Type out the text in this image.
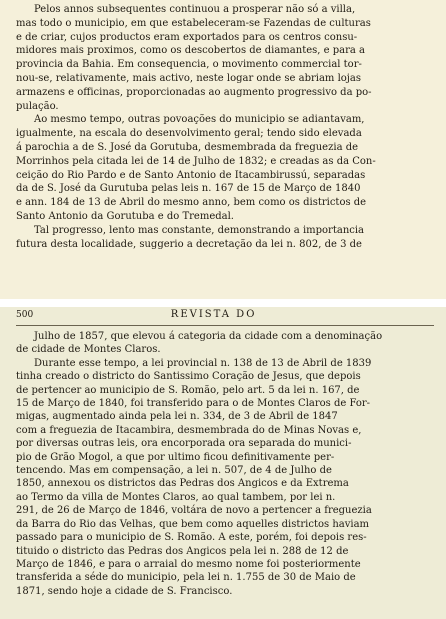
Pelos annos subsequentes continuou a prosperar não só a villa,
mas todo o municipio, em que estabeleceram-se Fazendas de culturas
e de criar, cujos productos eram exportados para os centros consu-
midores mais proximos, como os descobertos de diamantes, e para a
provincia da Bahia. Em consequencia, o movimento commercial tor-
nou-se, relativamente, mais activo, neste logar onde se abriam lojas
armazens e officinas, proporcionadas ao augmento progressivo da po-
pulação.

Ao mesmo tempo, outras povoações do municipio se adiantavam,
igualmente, na escala do desenvolvimento geral; tendo sido elevada
á parochia a de S. José da Gorutuba, desmembrada da freguezia de
Morrinhos pela citada lei de 14 de Julho de 1832; e creadas as da Con-
ceição do Rio Pardo e de Santo Antonio de Itacambirussú, separadas
da de S. José da Gurutuba pelas leis n. 167 de 15 de Março de 1840
e ann. 184 de 13 de Abril do mesmo anno, bem como os districtos de
Santo Antonio da Gorutuba e do Tremedal.

Tal progresso, lento mas constante, demonstrando a importancia
futura desta localidade, suggerio a decretação da lei n. 802, de 3 de

500	REVISTA DO

Julho de 1857, que elevou á categoria da cidade com a denominação
de cidade de Montes Claros.

Durante esse tempo, a lei provincial n. 138 de 13 de Abril de 1839
tinha creado o districto do Santissimo Coração de Jesus, que depois
de pertencer ao municipio de S. Romão, pelo art. 5 da lei n. 167, de
15 de Março de 1840, foi transferido para o de Montes Claros de For-
migas, augmentado ainda pela lei n. 334, de 3 de Abril de 1847
com a freguezia de Itacambira, desmembrada do de Minas Novas e,
por diversas outras leis, ora encorporada ora separada do munici-
pio de Grão Mogol, a que por ultimo ficou definitivamente per-
tencendo. Mas em compensação, a lei n. 507, de 4 de Julho de
1850, annexou os districtos das Pedras dos Angicos e da Extrema
ao Termo da villa de Montes Claros, ao qual tambem, por lei n.
291, de 26 de Março de 1846, voltára de novo a pertencer a freguezia
da Barra do Rio das Velhas, que bem como aquelles districtos haviam
passado para o municipio de S. Romão. A este, porém, foi depois res-
tituido o districto das Pedras dos Angicos pela lei n. 288 de 12 de
Março de 1846, e para o arraial do mesmo nome foi posteriormente
transferida a séde do municipio, pela lei n. 1.755 de 30 de Maio de
1871, sendo hoje a cidade de S. Francisco.
